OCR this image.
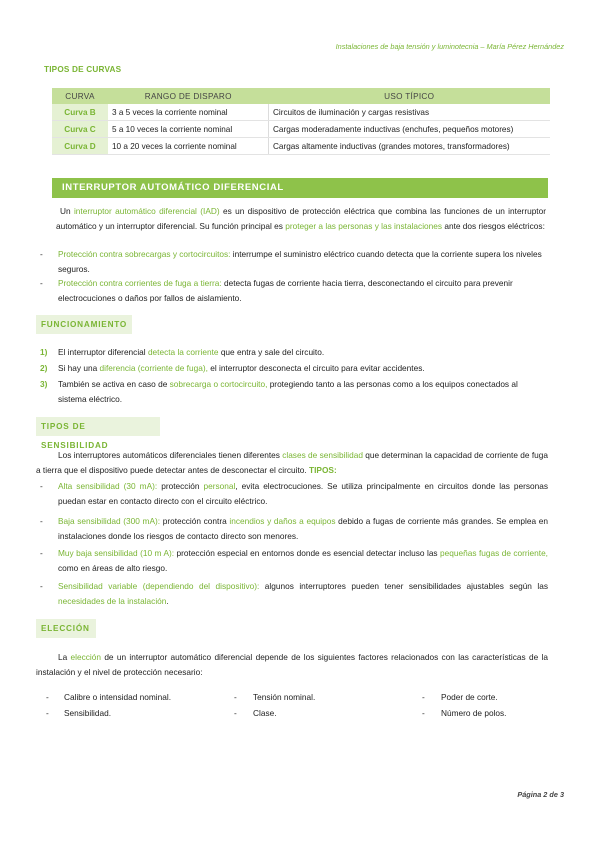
Instalaciones de baja tensión y luminotecnia – María Pérez Hernández
TIPOS DE CURVAS
CURVA	RANGO DE DISPARO	USO TÍPICO
Curva B	3 a 5 veces la corriente nominal	Circuitos de iluminación y cargas resistivas
Curva C	5 a 10 veces la corriente nominal	Cargas moderadamente inductivas (enchufes, pequeños motores)
Curva D	10 a 20 veces la corriente nominal	Cargas altamente inductivas (grandes motores, transformadores)
INTERRUPTOR AUTOMÁTICO DIFERENCIAL
Un interruptor automático diferencial (IAD) es un dispositivo de protección eléctrica que combina las funciones de un interruptor automático y un interruptor diferencial. Su función principal es proteger a las personas y las instalaciones ante dos riesgos eléctricos:
- Protección contra sobrecargas y cortocircuitos: interrumpe el suministro eléctrico cuando detecta que la corriente supera los niveles seguros.
- Protección contra corrientes de fuga a tierra: detecta fugas de corriente hacia tierra, desconectando el circuito para prevenir electrocuciones o daños por fallos de aislamiento.
FUNCIONAMIENTO
1) El interruptor diferencial detecta la corriente que entra y sale del circuito.
2) Si hay una diferencia (corriente de fuga), el interruptor desconecta el circuito para evitar accidentes.
3) También se activa en caso de sobrecarga o cortocircuito, protegiendo tanto a las personas como a los equipos conectados al sistema eléctrico.
TIPOS DE SENSIBILIDAD
Los interruptores automáticos diferenciales tienen diferentes clases de sensibilidad que determinan la capacidad de corriente de fuga a tierra que el dispositivo puede detectar antes de desconectar el circuito. TIPOS:
- Alta sensibilidad (30 mA): protección personal, evita electrocuciones. Se utiliza principalmente en circuitos donde las personas puedan estar en contacto directo con el circuito eléctrico.
- Baja sensibilidad (300 mA): protección contra incendios y daños a equipos debido a fugas de corriente más grandes. Se emplea en instalaciones donde los riesgos de contacto directo son menores.
- Muy baja sensibilidad (10 m A): protección especial en entornos donde es esencial detectar incluso las pequeñas fugas de corriente, como en áreas de alto riesgo.
- Sensibilidad variable (dependiendo del dispositivo): algunos interruptores pueden tener sensibilidades ajustables según las necesidades de la instalación.
ELECCIÓN
La elección de un interruptor automático diferencial depende de los siguientes factores relacionados con las características de la instalación y el nivel de protección necesario:
- Calibre o intensidad nominal.	- Tensión nominal.	- Poder de corte.
- Sensibilidad.	- Clase.	- Número de polos.
Página 2 de 3
